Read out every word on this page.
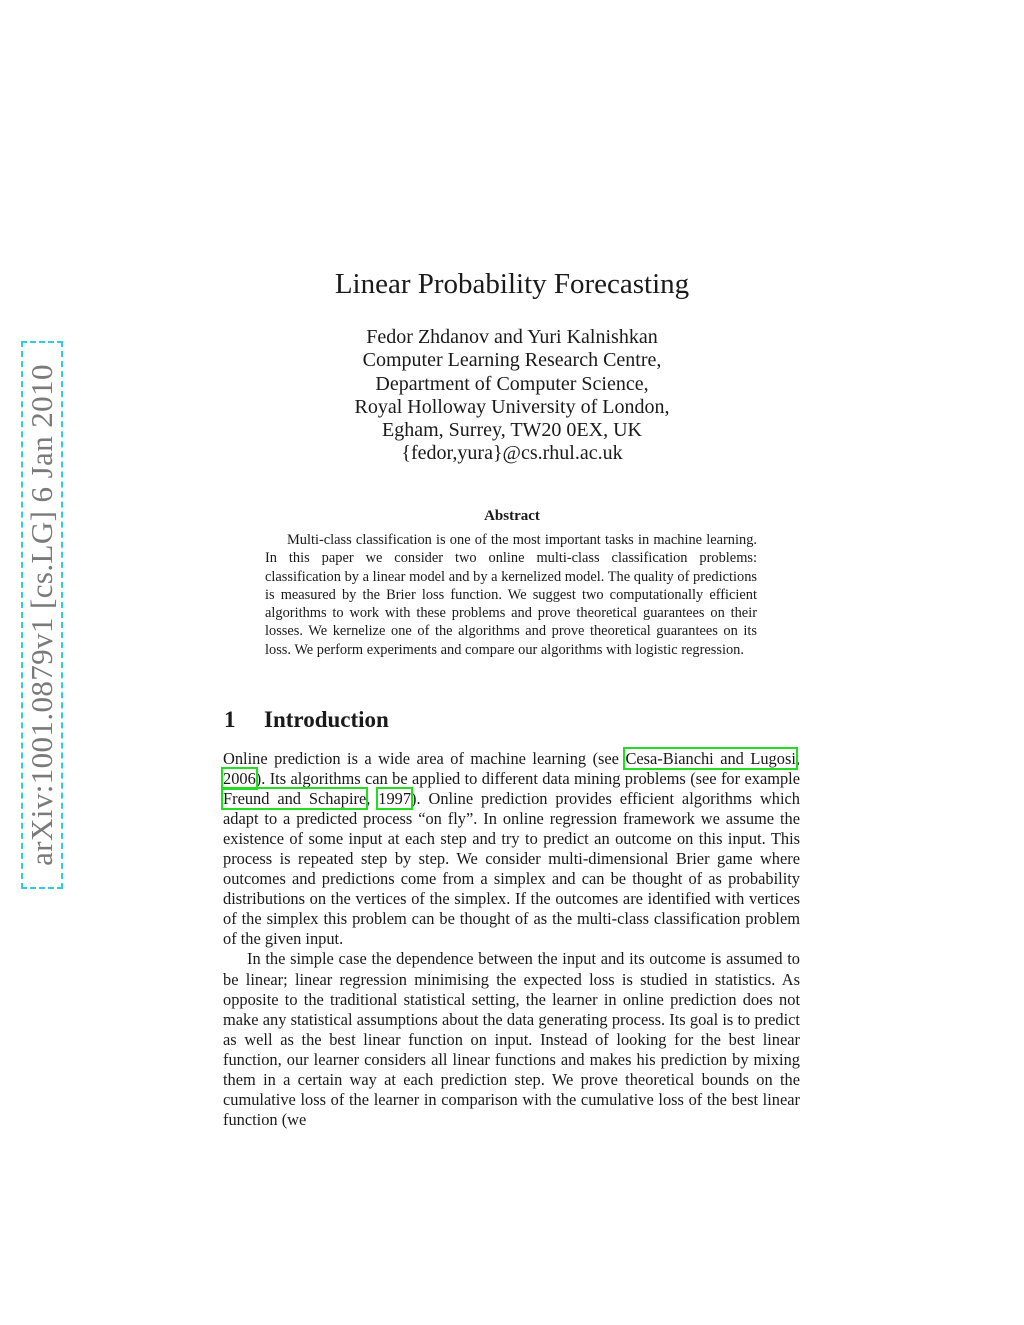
arXiv:1001.0879v1 [cs.LG] 6 Jan 2010
Linear Probability Forecasting
Fedor Zhdanov and Yuri Kalnishkan
Computer Learning Research Centre,
Department of Computer Science,
Royal Holloway University of London,
Egham, Surrey, TW20 0EX, UK
{fedor,yura}@cs.rhul.ac.uk
Abstract

Multi-class classification is one of the most important tasks in machine learning. In this paper we consider two online multi-class classification problems: classification by a linear model and by a kernelized model. The quality of predictions is measured by the Brier loss function. We suggest two computationally efficient algorithms to work with these problems and prove theoretical guarantees on their losses. We kernelize one of the algorithms and prove theoretical guarantees on its loss. We perform experiments and compare our algorithms with logistic regression.

1 Introduction

Online prediction is a wide area of machine learning (see Cesa-Bianchi and Lugosi, 2006). Its algorithms can be applied to different data mining problems (see for example Freund and Schapire, 1997). Online prediction provides efficient algorithms which adapt to a predicted process “on fly”. In online regression framework we assume the existence of some input at each step and try to predict an outcome on this input. This process is repeated step by step. We consider multi-dimensional Brier game where outcomes and predictions come from a simplex and can be thought of as probability distributions on the vertices of the simplex. If the outcomes are identified with vertices of the simplex this problem can be thought of as the multi-class classification problem of the given input.

In the simple case the dependence between the input and its outcome is assumed to be linear; linear regression minimising the expected loss is studied in statistics. As opposite to the traditional statistical setting, the learner in online prediction does not make any statistical assumptions about the data generating process. Its goal is to predict as well as the best linear function on input. Instead of looking for the best linear function, our learner considers all linear functions and makes his prediction by mixing them in a certain way at each prediction step. We prove theoretical bounds on the cumulative loss of the learner in comparison with the cumulative loss of the best linear function (we
